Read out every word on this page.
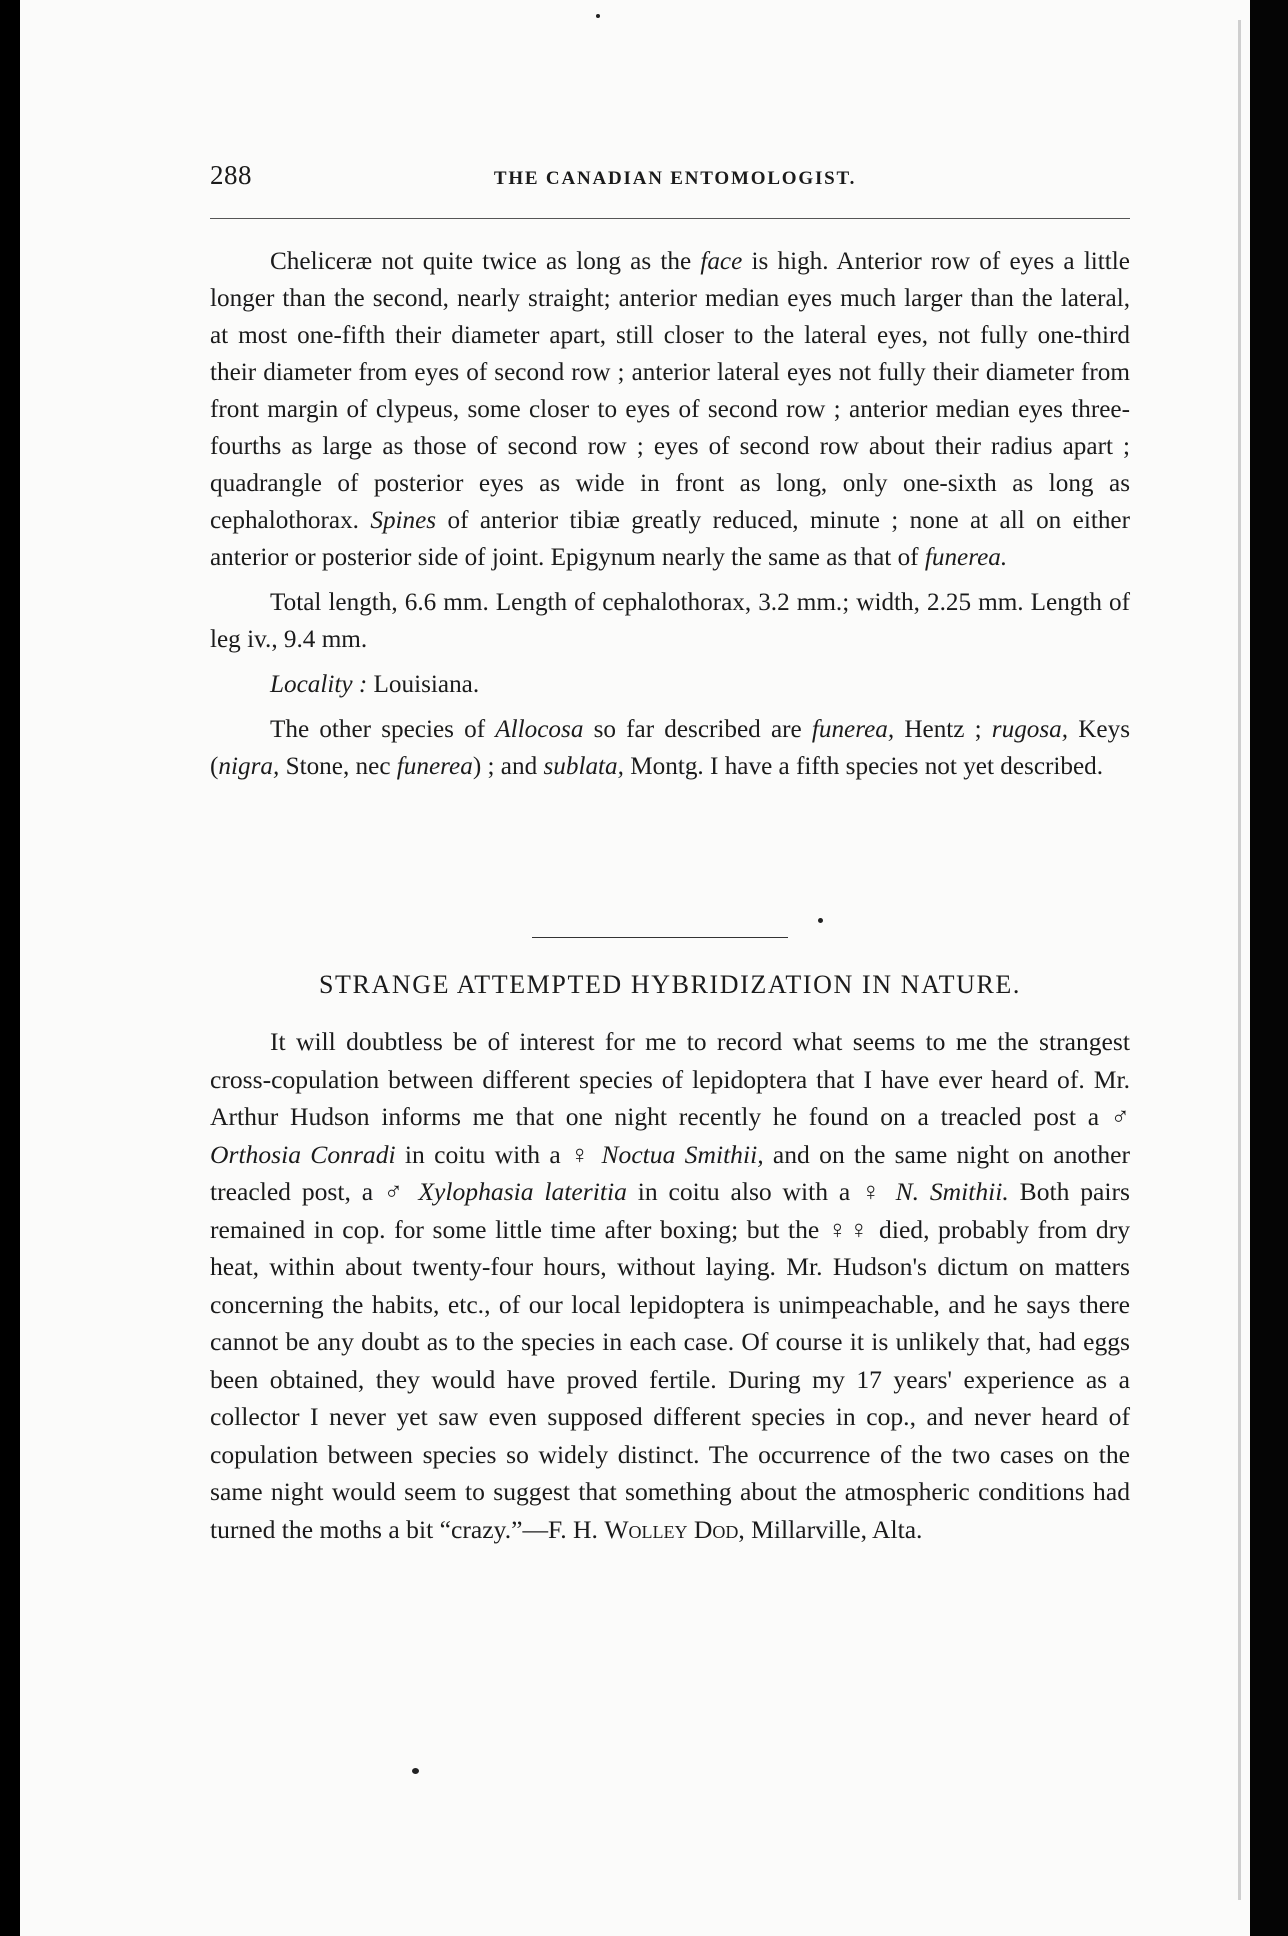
288	THE CANADIAN ENTOMOLOGIST.

Cheliceræ not quite twice as long as the face is high. Anterior row of eyes a little longer than the second, nearly straight; anterior median eyes much larger than the lateral, at most one-fifth their diameter apart, still closer to the lateral eyes, not fully one-third their diameter from eyes of second row ; anterior lateral eyes not fully their diameter from front margin of clypeus, some closer to eyes of second row ; anterior median eyes three-fourths as large as those of second row ; eyes of second row about their radius apart ; quadrangle of posterior eyes as wide in front as long, only one-sixth as long as cephalothorax. Spines of anterior tibiæ greatly reduced, minute ; none at all on either anterior or posterior side of joint. Epigynum nearly the same as that of funerea.

Total length, 6.6 mm. Length of cephalothorax, 3.2 mm.; width, 2.25 mm. Length of leg iv., 9.4 mm.

Locality : Louisiana.

The other species of Allocosa so far described are funerea, Hentz ; rugosa, Keys (nigra, Stone, nec funerea) ; and sublata, Montg. I have a fifth species not yet described.

STRANGE ATTEMPTED HYBRIDIZATION IN NATURE.

It will doubtless be of interest for me to record what seems to me the strangest cross-copulation between different species of lepidoptera that I have ever heard of. Mr. Arthur Hudson informs me that one night recently he found on a treacled post a ♂ Orthosia Conradi in coitu with a ♀ Noctua Smithii, and on the same night on another treacled post, a ♂ Xylophasia lateritia in coitu also with a ♀ N. Smithii. Both pairs remained in cop. for some little time after boxing; but the ♀♀ died, probably from dry heat, within about twenty-four hours, without laying. Mr. Hudson's dictum on matters concerning the habits, etc., of our local lepidoptera is unimpeachable, and he says there cannot be any doubt as to the species in each case. Of course it is unlikely that, had eggs been obtained, they would have proved fertile. During my 17 years' experience as a collector I never yet saw even supposed different species in cop., and never heard of copulation between species so widely distinct. The occurrence of the two cases on the same night would seem to suggest that something about the atmospheric conditions had turned the moths a bit “crazy.”—F. H. Wolley Dod, Millarville, Alta.
